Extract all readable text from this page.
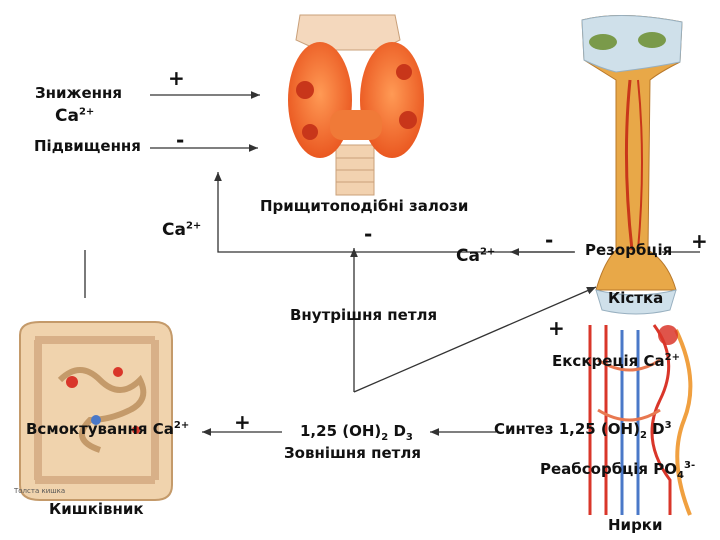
Зниження
$Ca^{2+}$
Підвищення
+
-
Прищитоподібні залози
$Ca^{2+}$	-
$Ca^{2+}$ - Резорбція +
Кістка
Внутрішня петля
+
Екскреція $Ca^{2+}$
+
Всмоктування $Ca^{2+}$	1,25 $(OH)_2$ $D_3$	Синтез 1,25 $(OH)_2$ $D^3$
Зовнішня петля
Реабсорбція $PO_4^{3-}$
Толста кишка
Кишківник
Нирки
